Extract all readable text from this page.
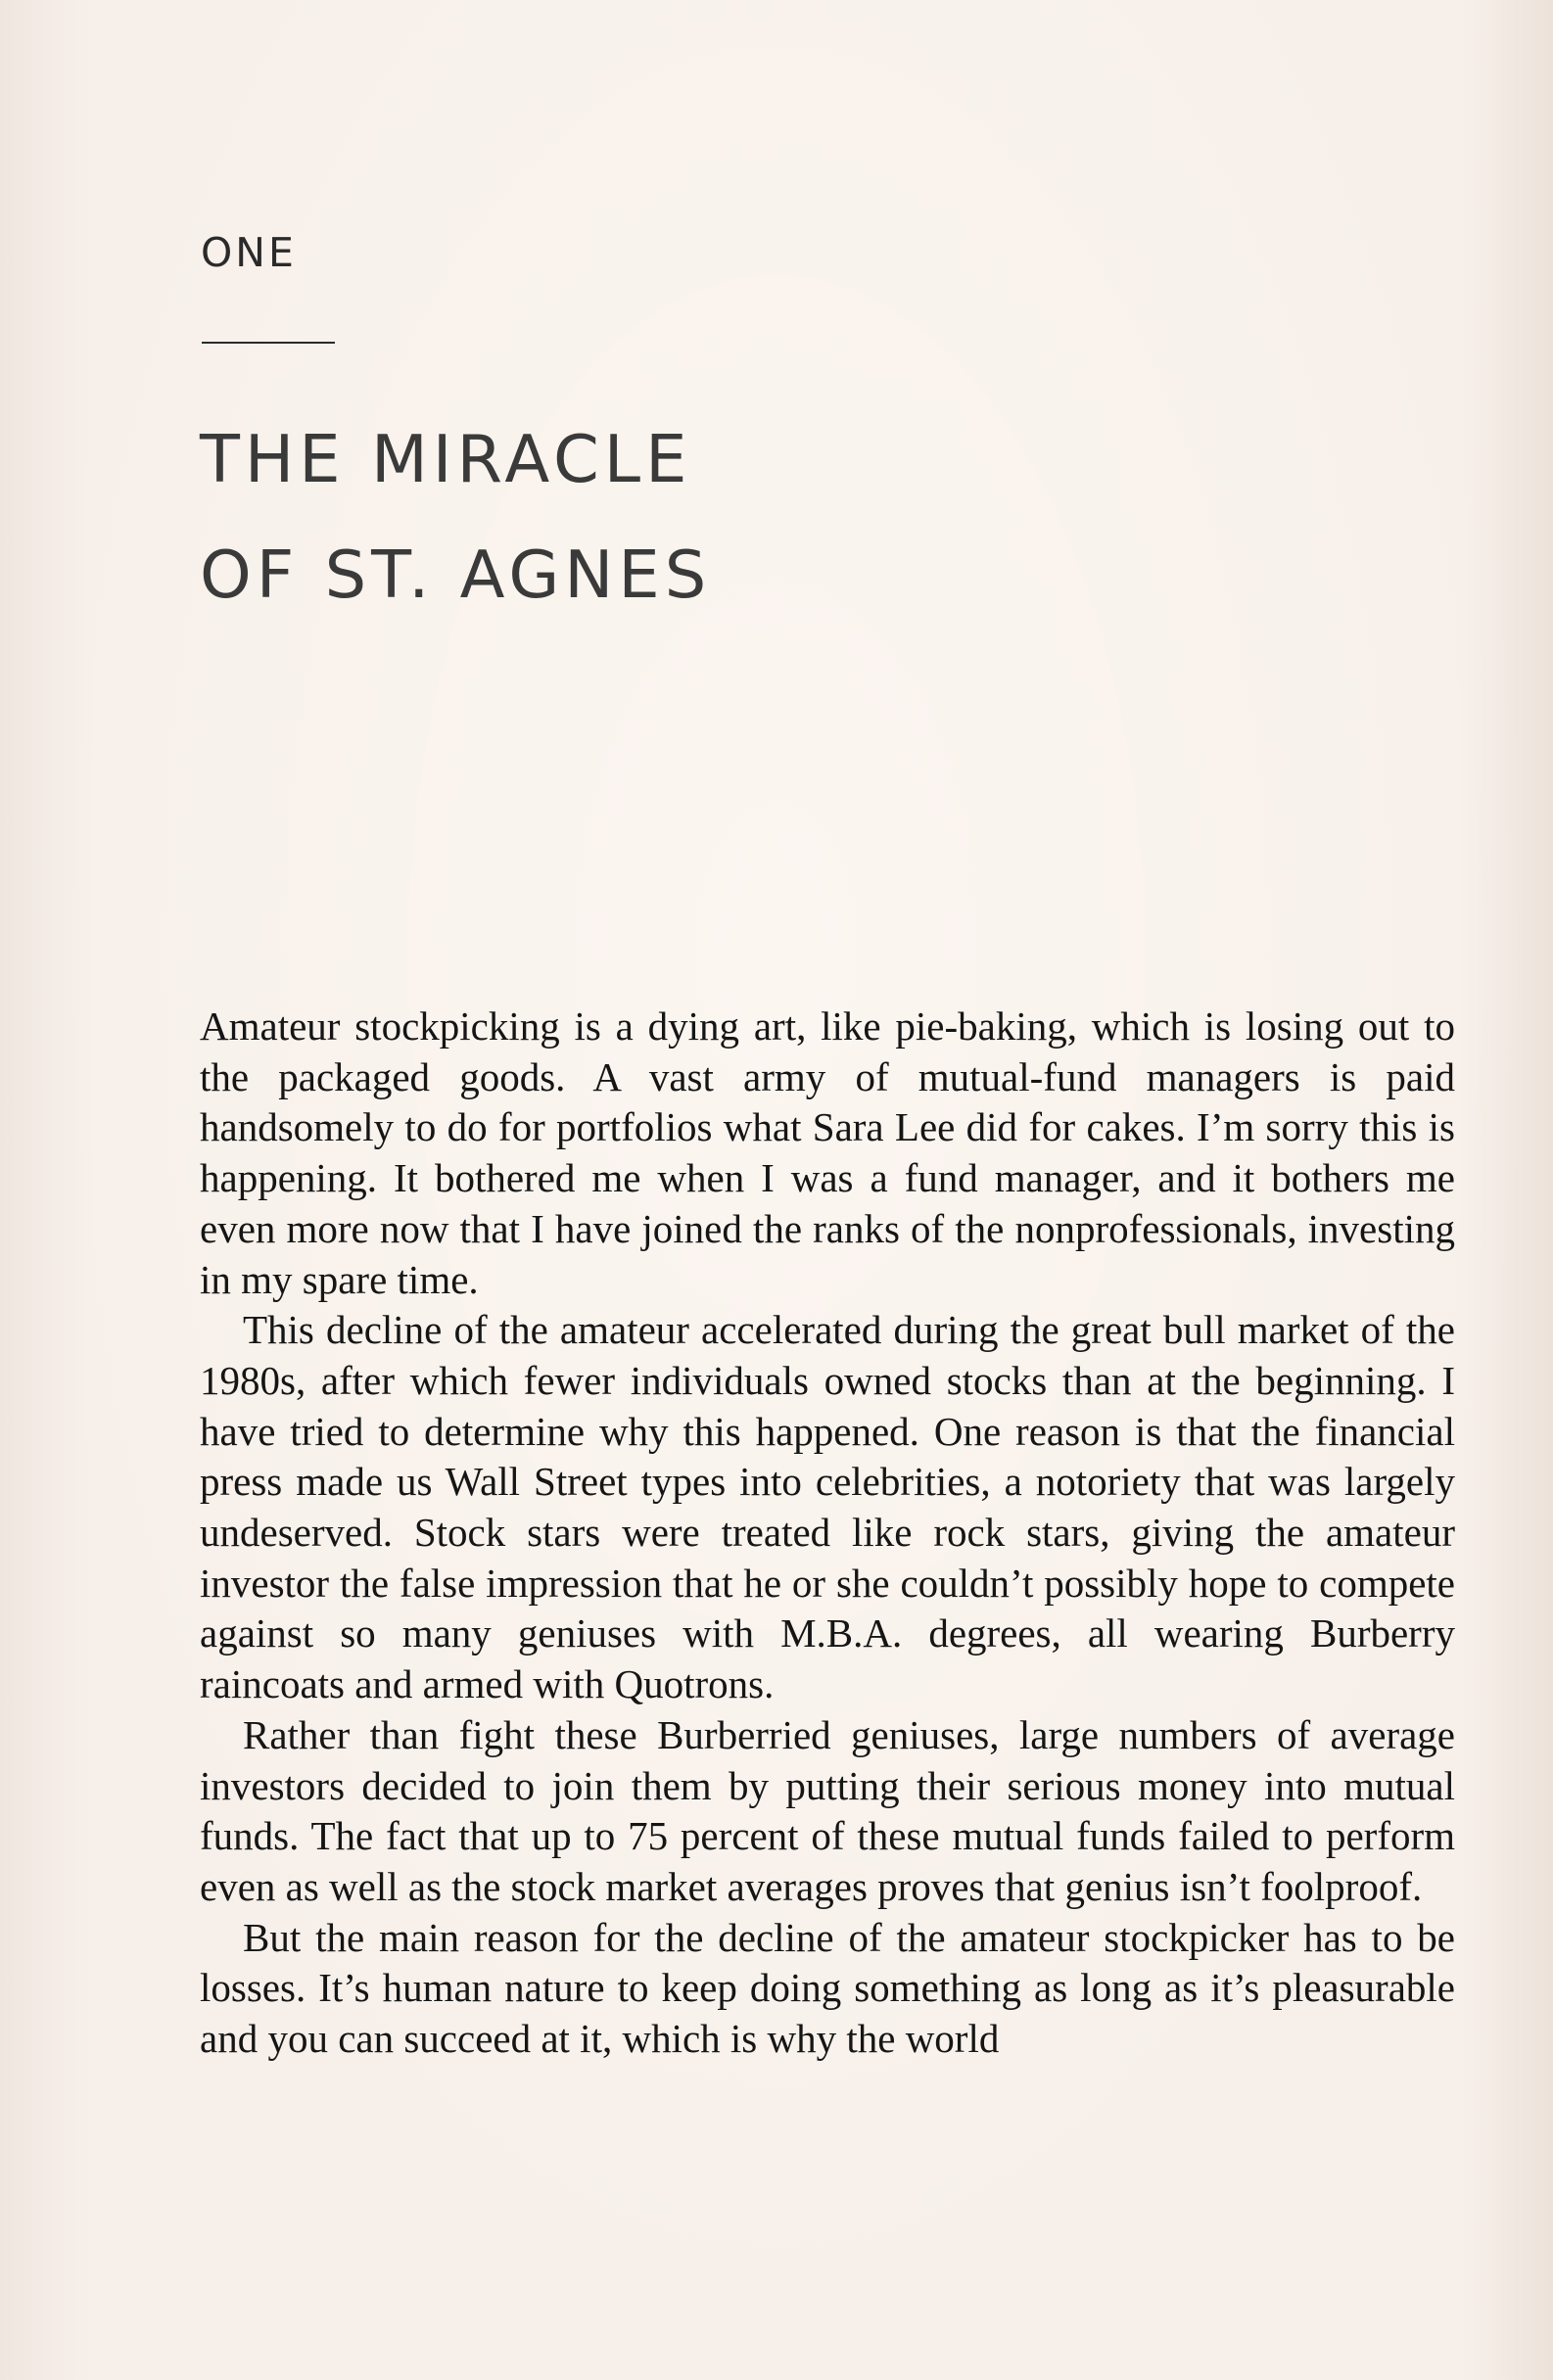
ONE
THE MIRACLE
OF ST. AGNES

Amateur stockpicking is a dying art, like pie-baking, which is losing out to the packaged goods. A vast army of mutual-fund managers is paid handsomely to do for portfolios what Sara Lee did for cakes. I’m sorry this is happening. It bothered me when I was a fund manager, and it bothers me even more now that I have joined the ranks of the nonprofessionals, investing in my spare time.

This decline of the amateur accelerated during the great bull market of the 1980s, after which fewer individuals owned stocks than at the beginning. I have tried to determine why this happened. One reason is that the financial press made us Wall Street types into celebrities, a notoriety that was largely undeserved. Stock stars were treated like rock stars, giving the amateur investor the false impression that he or she couldn’t possibly hope to compete against so many geniuses with M.B.A. degrees, all wearing Burberry raincoats and armed with Quotrons.

Rather than fight these Burberried geniuses, large numbers of average investors decided to join them by putting their serious money into mutual funds. The fact that up to 75 percent of these mutual funds failed to perform even as well as the stock market averages proves that genius isn’t foolproof.

But the main reason for the decline of the amateur stockpicker has to be losses. It’s human nature to keep doing something as long as it’s pleasurable and you can succeed at it, which is why the world
